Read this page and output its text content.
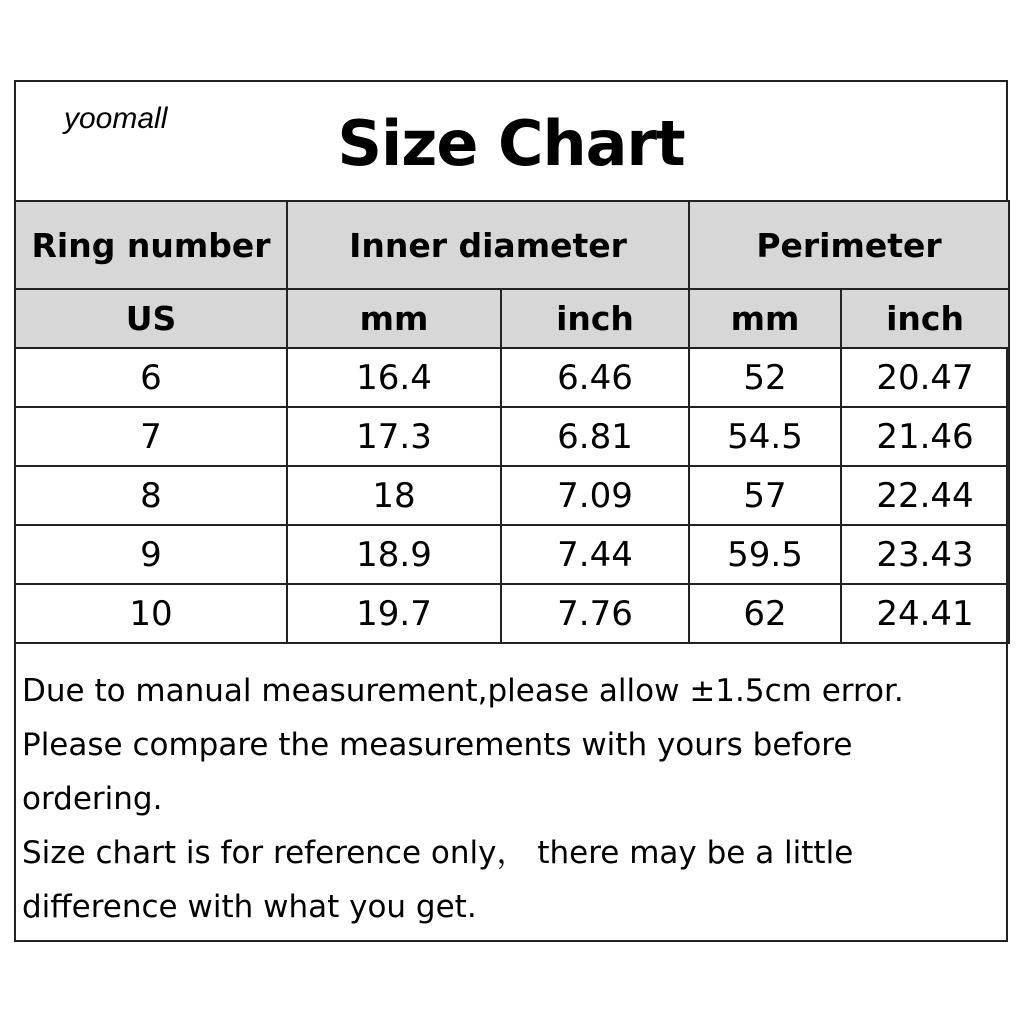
yoomall	Size Chart
Ring number	Inner diameter		Perimeter	
US	mm	inch	mm	inch
6	16.4	6.46	52	20.47
7	17.3	6.81	54.5	21.46
8	18	7.09	57	22.44
9	18.9	7.44	59.5	23.43
10	19.7	7.76	62	24.41
Due to manual measurement,please allow ±1.5cm error.
Please compare the measurements with yours before
ordering.
Size chart is for reference only， there may be a little
difference with what you get.
